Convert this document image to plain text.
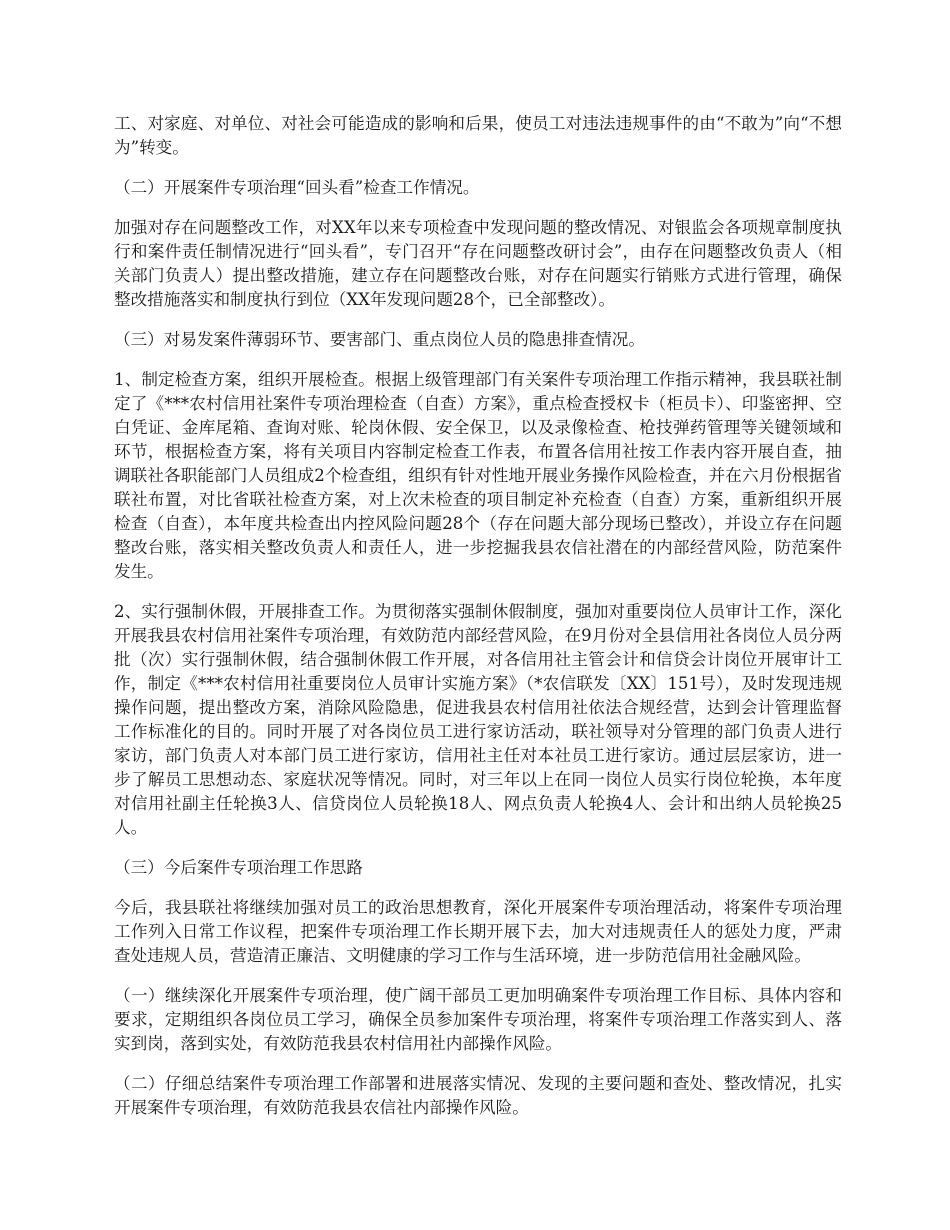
工、对家庭、对单位、对社会可能造成的影响和后果，使员工对违法违规事件的由“不敢为”向“不想为”转变。

（二）开展案件专项治理“回头看”检查工作情况。

加强对存在问题整改工作，对XX年以来专项检查中发现问题的整改情况、对银监会各项规章制度执行和案件责任制情况进行“回头看”，专门召开“存在问题整改研讨会”，由存在问题整改负责人（相关部门负责人）提出整改措施，建立存在问题整改台账，对存在问题实行销账方式进行管理，确保整改措施落实和制度执行到位（XX年发现问题28个，已全部整改）。

（三）对易发案件薄弱环节、要害部门、重点岗位人员的隐患排查情况。

1、制定检查方案，组织开展检查。根据上级管理部门有关案件专项治理工作指示精神，我县联社制定了《***农村信用社案件专项治理检查（自查）方案》，重点检查授权卡（柜员卡）、印鉴密押、空白凭证、金库尾箱、查询对账、轮岗休假、安全保卫，以及录像检查、枪技弹药管理等关键领域和环节，根据检查方案，将有关项目内容制定检查工作表，布置各信用社按工作表内容开展自查，抽调联社各职能部门人员组成2个检查组，组织有针对性地开展业务操作风险检查，并在六月份根据省联社布置，对比省联社检查方案，对上次未检查的项目制定补充检查（自查）方案，重新组织开展检查（自查），本年度共检查出内控风险问题28个（存在问题大部分现场已整改），并设立存在问题整改台账，落实相关整改负责人和责任人，进一步挖掘我县农信社潜在的内部经营风险，防范案件发生。

2、实行强制休假，开展排查工作。为贯彻落实强制休假制度，强加对重要岗位人员审计工作，深化开展我县农村信用社案件专项治理，有效防范内部经营风险，在9月份对全县信用社各岗位人员分两批（次）实行强制休假，结合强制休假工作开展，对各信用社主管会计和信贷会计岗位开展审计工作，制定《***农村信用社重要岗位人员审计实施方案》（*农信联发〔XX〕151号），及时发现违规操作问题，提出整改方案，消除风险隐患，促进我县农村信用社依法合规经营，达到会计管理监督工作标准化的目的。同时开展了对各岗位员工进行家访活动，联社领导对分管理的部门负责人进行家访，部门负责人对本部门员工进行家访，信用社主任对本社员工进行家访。通过层层家访，进一步了解员工思想动态、家庭状况等情况。同时，对三年以上在同一岗位人员实行岗位轮换，本年度对信用社副主任轮换3人、信贷岗位人员轮换18人、网点负责人轮换4人、会计和出纳人员轮换25人。

（三）今后案件专项治理工作思路

今后，我县联社将继续加强对员工的政治思想教育，深化开展案件专项治理活动，将案件专项治理工作列入日常工作议程，把案件专项治理工作长期开展下去，加大对违规责任人的惩处力度，严肃查处违规人员，营造清正廉洁、文明健康的学习工作与生活环境，进一步防范信用社金融风险。

（一）继续深化开展案件专项治理，使广阔干部员工更加明确案件专项治理工作目标、具体内容和要求，定期组织各岗位员工学习，确保全员参加案件专项治理，将案件专项治理工作落实到人、落实到岗，落到实处，有效防范我县农村信用社内部操作风险。

（二）仔细总结案件专项治理工作部署和进展落实情况、发现的主要问题和查处、整改情况，扎实开展案件专项治理，有效防范我县农信社内部操作风险。
